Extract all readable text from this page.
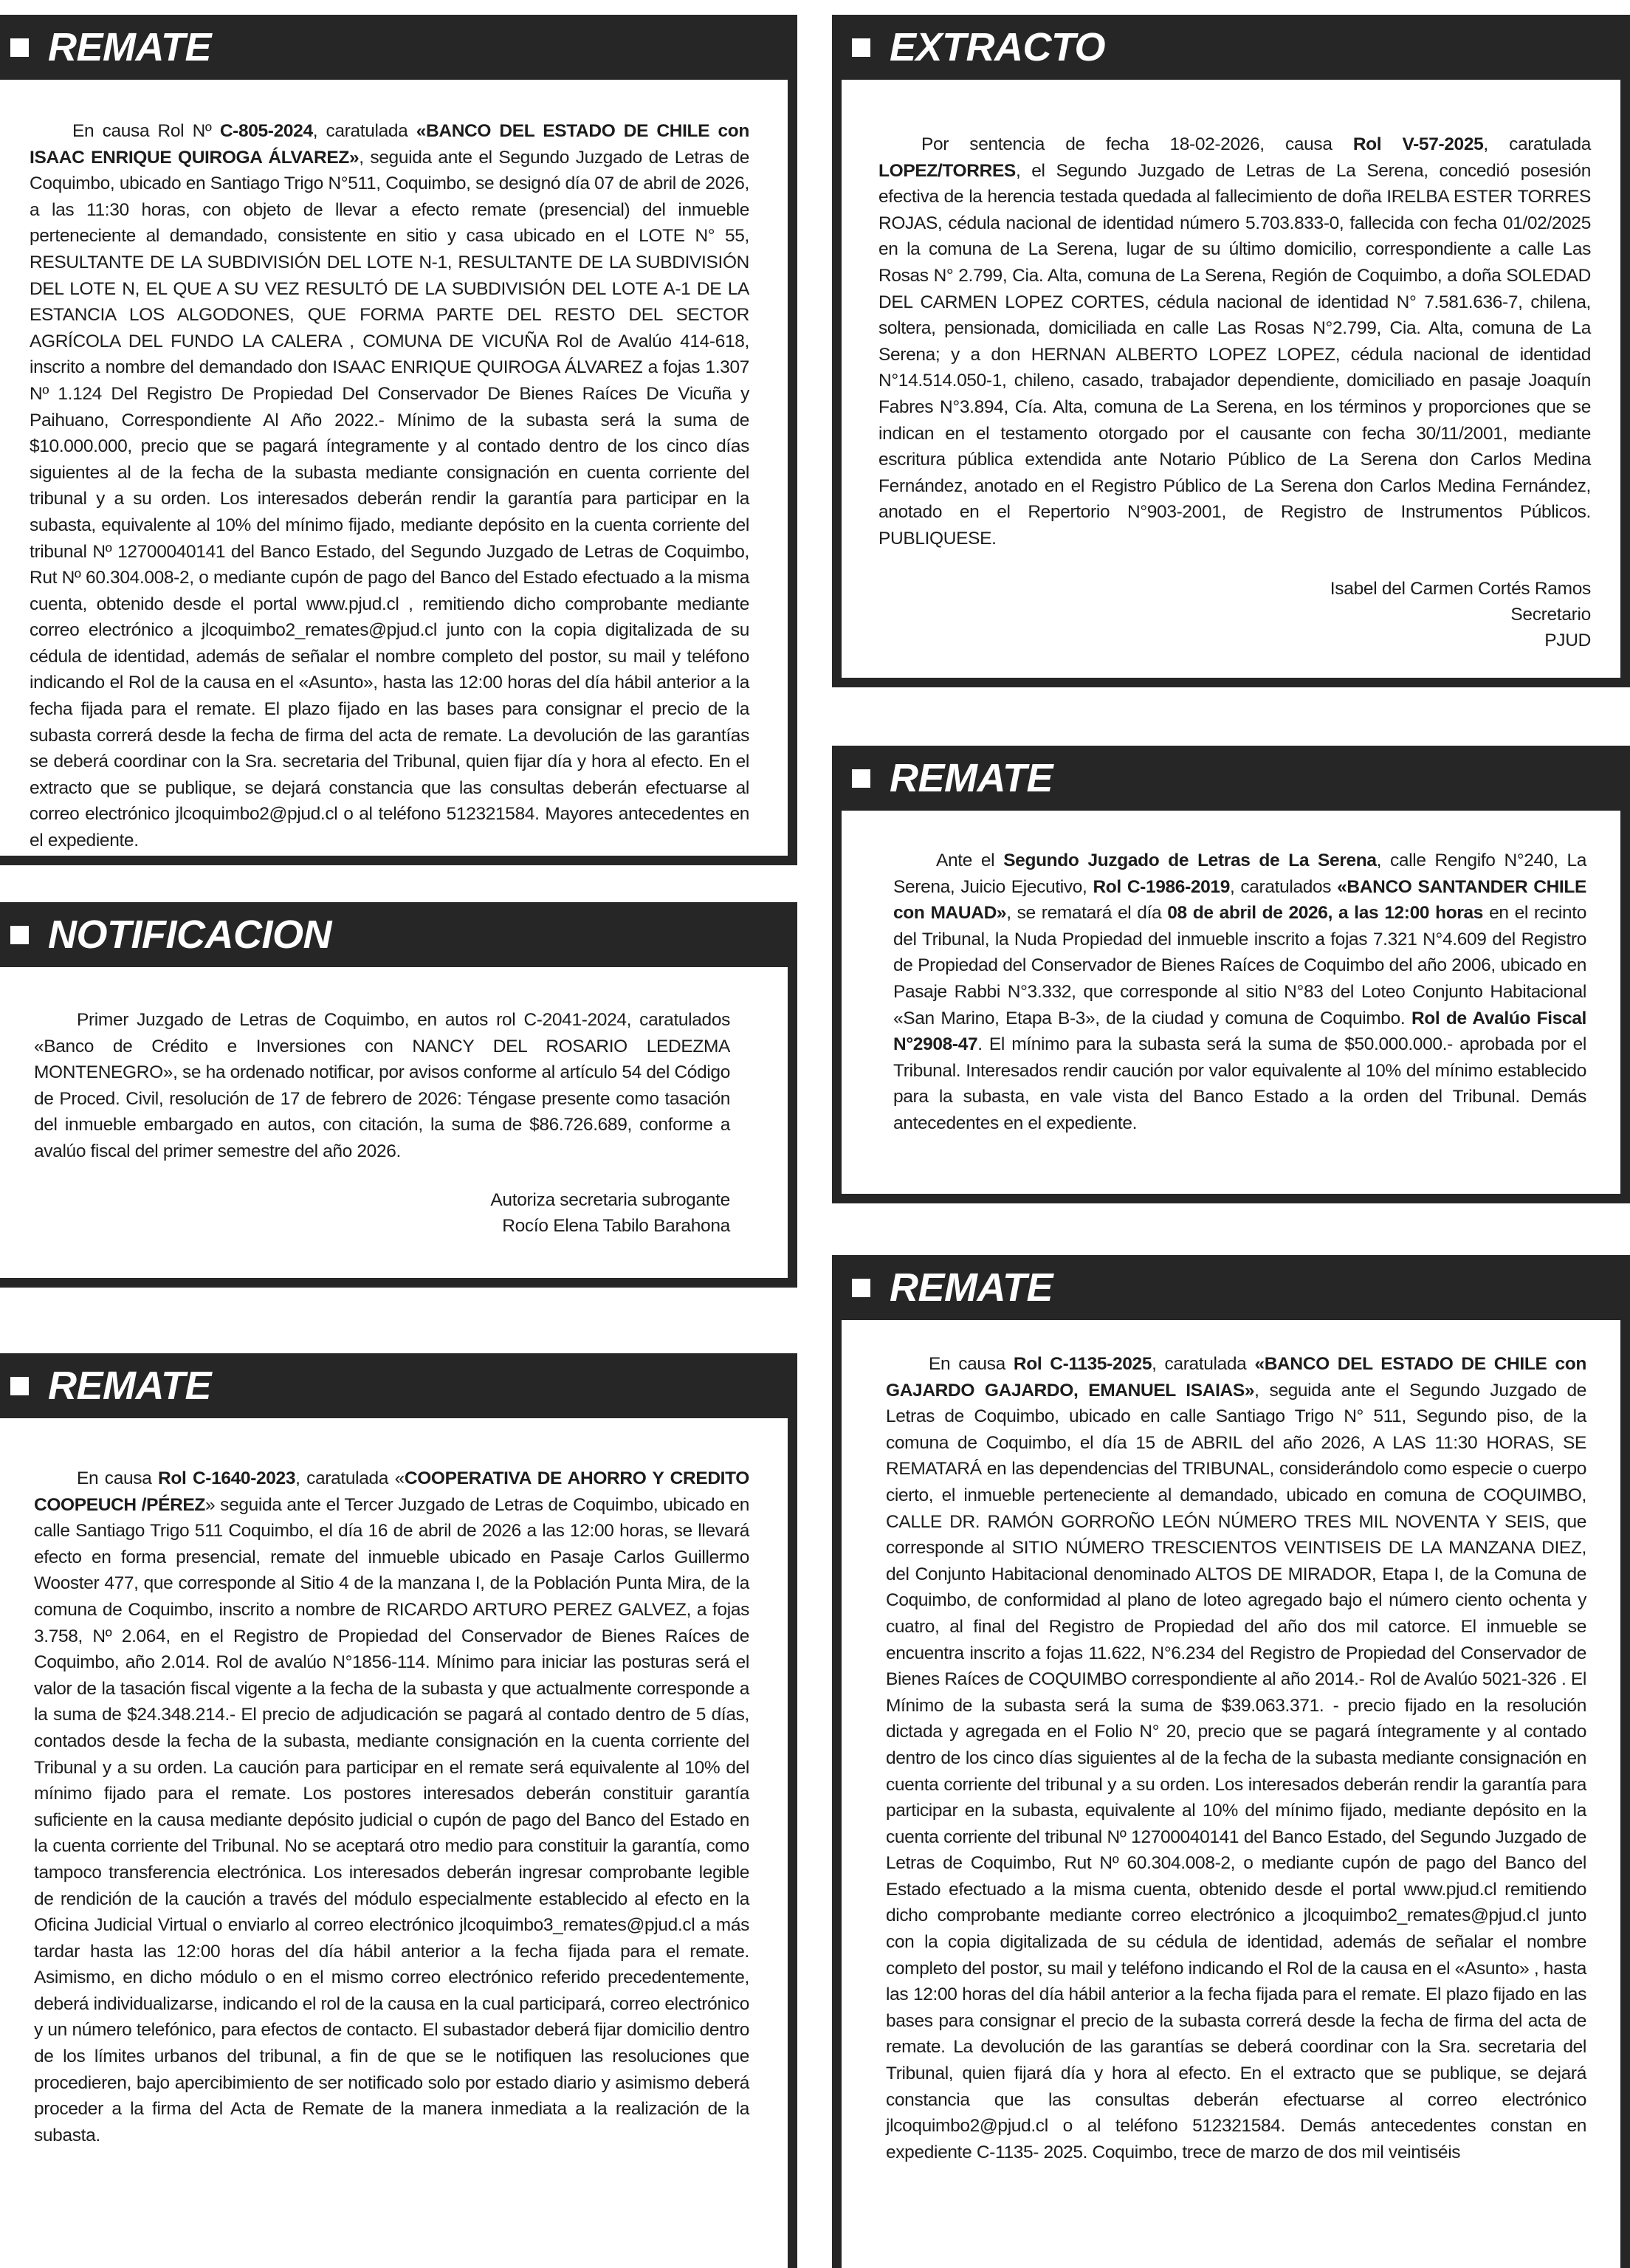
REMATE

En causa Rol Nº C-805-2024, caratulada «BANCO DEL ESTADO DE CHILE con ISAAC ENRIQUE QUIROGA ÁLVAREZ», seguida ante el Segundo Juzgado de Letras de Coquimbo, ubicado en Santiago Trigo N°511, Coquimbo, se designó día 07 de abril de 2026, a las 11:30 horas, con objeto de llevar a efecto remate (presencial) del inmueble perteneciente al demandado, consistente en sitio y casa ubicado en el LOTE N° 55, RESULTANTE DE LA SUBDIVISIÓN DEL LOTE N-1, RESULTANTE DE LA SUBDIVISIÓN DEL LOTE N, EL QUE A SU VEZ RESULTÓ DE LA SUBDIVISIÓN DEL LOTE A-1 DE LA ESTANCIA LOS ALGODONES, QUE FORMA PARTE DEL RESTO DEL SECTOR AGRÍCOLA DEL FUNDO LA CALERA , COMUNA DE VICUÑA Rol de Avalúo 414-618, inscrito a nombre del demandado don ISAAC ENRIQUE QUIROGA ÁLVAREZ a fojas 1.307 Nº 1.124 Del Registro De Propiedad Del Conservador De Bienes Raíces De Vicuña y Paihuano, Correspondiente Al Año 2022.- Mínimo de la subasta será la suma de $10.000.000, precio que se pagará íntegramente y al contado dentro de los cinco días siguientes al de la fecha de la subasta mediante consignación en cuenta corriente del tribunal y a su orden. Los interesados deberán rendir la garantía para participar en la subasta, equivalente al 10% del mínimo fijado, mediante depósito en la cuenta corriente del tribunal Nº 12700040141 del Banco Estado, del Segundo Juzgado de Letras de Coquimbo, Rut Nº 60.304.008-2, o mediante cupón de pago del Banco del Estado efectuado a la misma cuenta, obtenido desde el portal www.pjud.cl , remitiendo dicho comprobante mediante correo electrónico a jlcoquimbo2_remates@pjud.cl junto con la copia digitalizada de su cédula de identidad, además de señalar el nombre completo del postor, su mail y teléfono indicando el Rol de la causa en el «Asunto», hasta las 12:00 horas del día hábil anterior a la fecha fijada para el remate. El plazo fijado en las bases para consignar el precio de la subasta correrá desde la fecha de firma del acta de remate. La devolución de las garantías se deberá coordinar con la Sra. secretaria del Tribunal, quien fijar día y hora al efecto. En el extracto que se publique, se dejará constancia que las consultas deberán efectuarse al correo electrónico jlcoquimbo2@pjud.cl o al teléfono 512321584. Mayores antecedentes en el expediente.

NOTIFICACION

Primer Juzgado de Letras de Coquimbo, en autos rol C-2041-2024, caratulados «Banco de Crédito e Inversiones con NANCY DEL ROSARIO LEDEZMA MONTENEGRO», se ha ordenado notificar, por avisos conforme al artículo 54 del Código de Proced. Civil, resolución de 17 de febrero de 2026: Téngase presente como tasación del inmueble embargado en autos, con citación, la suma de $86.726.689, conforme a avalúo fiscal del primer semestre del año 2026.

Autoriza secretaria subrogante

Rocío Elena Tabilo Barahona

REMATE

En causa Rol C-1640-2023, caratulada «COOPERATIVA DE AHORRO Y CREDITO COOPEUCH /PÉREZ» seguida ante el Tercer Juzgado de Letras de Coquimbo, ubicado en calle Santiago Trigo 511 Coquimbo, el día 16 de abril de 2026 a las 12:00 horas, se llevará efecto en forma presencial, remate del inmueble ubicado en Pasaje Carlos Guillermo Wooster 477, que corresponde al Sitio 4 de la manzana I, de la Población Punta Mira, de la comuna de Coquimbo, inscrito a nombre de RICARDO ARTURO PEREZ GALVEZ, a fojas 3.758, Nº 2.064, en el Registro de Propiedad del Conservador de Bienes Raíces de Coquimbo, año 2.014. Rol de avalúo N°1856-114. Mínimo para iniciar las posturas será el valor de la tasación fiscal vigente a la fecha de la subasta y que actualmente corresponde a la suma de $24.348.214.- El precio de adjudicación se pagará al contado dentro de 5 días, contados desde la fecha de la subasta, mediante consignación en la cuenta corriente del Tribunal y a su orden. La caución para participar en el remate será equivalente al 10% del mínimo fijado para el remate. Los postores interesados deberán constituir garantía suficiente en la causa mediante depósito judicial o cupón de pago del Banco del Estado en la cuenta corriente del Tribunal. No se aceptará otro medio para constituir la garantía, como tampoco transferencia electrónica. Los interesados deberán ingresar comprobante legible de rendición de la caución a través del módulo especialmente establecido al efecto en la Oficina Judicial Virtual o enviarlo al correo electrónico jlcoquimbo3_remates@pjud.cl a más tardar hasta las 12:00 horas del día hábil anterior a la fecha fijada para el remate. Asimismo, en dicho módulo o en el mismo correo electrónico referido precedentemente, deberá individualizarse, indicando el rol de la causa en la cual participará, correo electrónico y un número telefónico, para efectos de contacto. El subastador deberá fijar domicilio dentro de los límites urbanos del tribunal, a fin de que se le notifiquen las resoluciones que procedieren, bajo apercibimiento de ser notificado solo por estado diario y asimismo deberá proceder a la firma del Acta de Remate de la manera inmediata a la realización de la subasta.

EXTRACTO

Por sentencia de fecha 18-02-2026, causa Rol V-57-2025, caratulada LOPEZ/TORRES, el Segundo Juzgado de Letras de La Serena, concedió posesión efectiva de la herencia testada quedada al fallecimiento de doña IRELBA ESTER TORRES ROJAS, cédula nacional de identidad número 5.703.833-0, fallecida con fecha 01/02/2025 en la comuna de La Serena, lugar de su último domicilio, correspondiente a calle Las Rosas N° 2.799, Cia. Alta, comuna de La Serena, Región de Coquimbo, a doña SOLEDAD DEL CARMEN LOPEZ CORTES, cédula nacional de identidad N° 7.581.636-7, chilena, soltera, pensionada, domiciliada en calle Las Rosas N°2.799, Cia. Alta, comuna de La Serena; y a don HERNAN ALBERTO LOPEZ LOPEZ, cédula nacional de identidad N°14.514.050-1, chileno, casado, trabajador dependiente, domiciliado en pasaje Joaquín Fabres N°3.894, Cía. Alta, comuna de La Serena, en los términos y proporciones que se indican en el testamento otorgado por el causante con fecha 30/11/2001, mediante escritura pública extendida ante Notario Público de La Serena don Carlos Medina Fernández, anotado en el Registro Público de La Serena don Carlos Medina Fernández, anotado en el Repertorio N°903-2001, de Registro de Instrumentos Públicos. PUBLIQUESE.

Isabel del Carmen Cortés Ramos

Secretario

PJUD

REMATE

Ante el Segundo Juzgado de Letras de La Serena, calle Rengifo N°240, La Serena, Juicio Ejecutivo, Rol C-1986-2019, caratulados «BANCO SANTANDER CHILE con MAUAD», se rematará el día 08 de abril de 2026, a las 12:00 horas en el recinto del Tribunal, la Nuda Propiedad del inmueble inscrito a fojas 7.321 N°4.609 del Registro de Propiedad del Conservador de Bienes Raíces de Coquimbo del año 2006, ubicado en Pasaje Rabbi N°3.332, que corresponde al sitio N°83 del Loteo Conjunto Habitacional «San Marino, Etapa B-3», de la ciudad y comuna de Coquimbo. Rol de Avalúo Fiscal N°2908-47. El mínimo para la subasta será la suma de $50.000.000.- aprobada por el Tribunal. Interesados rendir caución por valor equivalente al 10% del mínimo establecido para la subasta, en vale vista del Banco Estado a la orden del Tribunal. Demás antecedentes en el expediente.

REMATE

En causa Rol C-1135-2025, caratulada «BANCO DEL ESTADO DE CHILE con GAJARDO GAJARDO, EMANUEL ISAIAS», seguida ante el Segundo Juzgado de Letras de Coquimbo, ubicado en calle Santiago Trigo N° 511, Segundo piso, de la comuna de Coquimbo, el día 15 de ABRIL del año 2026, A LAS 11:30 HORAS, SE REMATARÁ en las dependencias del TRIBUNAL, considerándolo como especie o cuerpo cierto, el inmueble perteneciente al demandado, ubicado en comuna de COQUIMBO, CALLE DR. RAMÓN GORROÑO LEÓN NÚMERO TRES MIL NOVENTA Y SEIS, que corresponde al SITIO NÚMERO TRESCIENTOS VEINTISEIS DE LA MANZANA DIEZ, del Conjunto Habitacional denominado ALTOS DE MIRADOR, Etapa I, de la Comuna de Coquimbo, de conformidad al plano de loteo agregado bajo el número ciento ochenta y cuatro, al final del Registro de Propiedad del año dos mil catorce. El inmueble se encuentra inscrito a fojas 11.622, N°6.234 del Registro de Propiedad del Conservador de Bienes Raíces de COQUIMBO correspondiente al año 2014.- Rol de Avalúo 5021-326 . El Mínimo de la subasta será la suma de $39.063.371. - precio fijado en la resolución dictada y agregada en el Folio N° 20, precio que se pagará íntegramente y al contado dentro de los cinco días siguientes al de la fecha de la subasta mediante consignación en cuenta corriente del tribunal y a su orden. Los interesados deberán rendir la garantía para participar en la subasta, equivalente al 10% del mínimo fijado, mediante depósito en la cuenta corriente del tribunal Nº 12700040141 del Banco Estado, del Segundo Juzgado de Letras de Coquimbo, Rut Nº 60.304.008-2, o mediante cupón de pago del Banco del Estado efectuado a la misma cuenta, obtenido desde el portal www.pjud.cl remitiendo dicho comprobante mediante correo electrónico a jlcoquimbo2_remates@pjud.cl junto con la copia digitalizada de su cédula de identidad, además de señalar el nombre completo del postor, su mail y teléfono indicando el Rol de la causa en el «Asunto» , hasta las 12:00 horas del día hábil anterior a la fecha fijada para el remate. El plazo fijado en las bases para consignar el precio de la subasta correrá desde la fecha de firma del acta de remate. La devolución de las garantías se deberá coordinar con la Sra. secretaria del Tribunal, quien fijará día y hora al efecto. En el extracto que se publique, se dejará constancia que las consultas deberán efectuarse al correo electrónico jlcoquimbo2@pjud.cl o al teléfono 512321584. Demás antecedentes constan en expediente C-1135- 2025. Coquimbo, trece de marzo de dos mil veintiséis
